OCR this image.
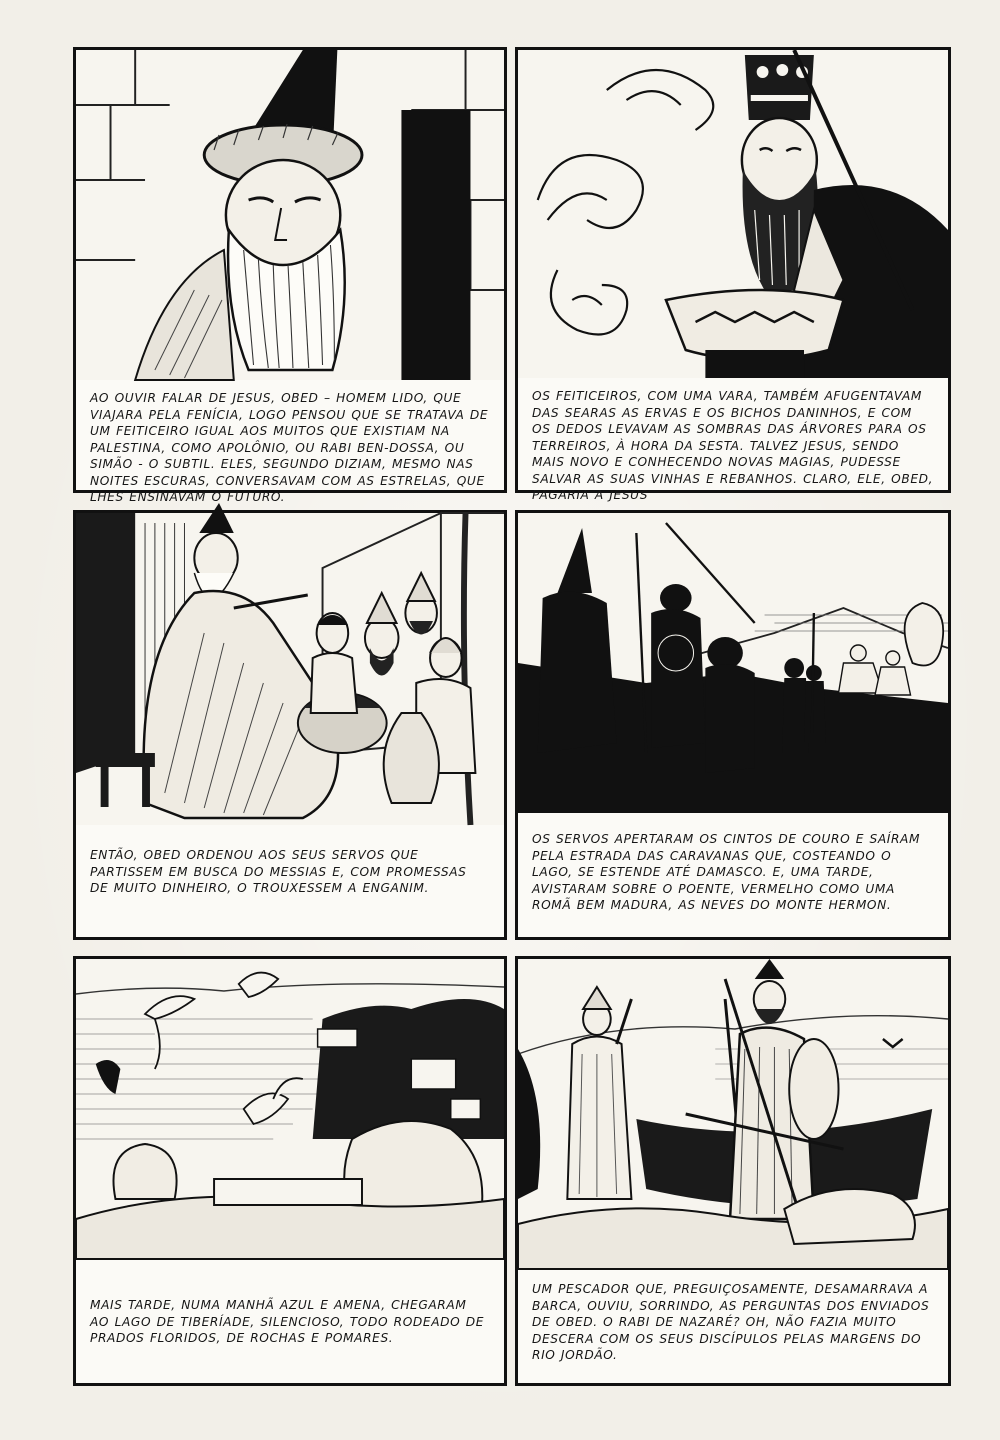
AO OUVIR FALAR DE JESUS, OBED – HOMEM LIDO, QUE VIAJARA PELA FENÍCIA, LOGO PENSOU QUE SE TRATAVA DE UM FEITICEIRO IGUAL AOS MUITOS QUE EXISTIAM NA PALESTINA, COMO APOLÔNIO, OU RABI BEN-DOSSA, OU SIMÃO - O SUBTIL. ELES, SEGUNDO DIZIAM, MESMO NAS NOITES ESCURAS, CONVERSAVAM COM AS ESTRELAS, QUE LHES ENSINAVAM O FUTURO.
OS FEITICEIROS, COM UMA VARA, TAMBÉM AFUGENTAVAM DAS SEARAS AS ERVAS E OS BICHOS DANINHOS, E COM OS DEDOS LEVAVAM AS SOMBRAS DAS ÁRVORES PARA OS TERREIROS, À HORA DA SESTA. TALVEZ JESUS, SENDO MAIS NOVO E CONHECENDO NOVAS MAGIAS, PUDESSE SALVAR AS SUAS VINHAS E REBANHOS. CLARO, ELE, OBED, PAGARIA A JESUS
ENTÃO, OBED ORDENOU AOS SEUS SERVOS QUE PARTISSEM EM BUSCA DO MESSIAS E, COM PROMESSAS DE MUITO DINHEIRO, O TROUXESSEM A ENGANIM.
OS SERVOS APERTARAM OS CINTOS DE COURO E SAÍRAM PELA ESTRADA DAS CARAVANAS QUE, COSTEANDO O LAGO, SE ESTENDE ATÉ DAMASCO. E, UMA TARDE, AVISTARAM SOBRE O POENTE, VERMELHO COMO UMA ROMÃ BEM MADURA, AS NEVES DO MONTE HERMON.
MAIS TARDE, NUMA MANHÃ AZUL E AMENA, CHEGARAM AO LAGO DE TIBERÍADE, SILENCIOSO, TODO RODEADO DE PRADOS FLORIDOS, DE ROCHAS E POMARES.
UM PESCADOR QUE, PREGUIÇOSAMENTE, DESAMARRAVA A BARCA, OUVIU, SORRINDO, AS PERGUNTAS DOS ENVIADOS DE OBED. O RABI DE NAZARÉ? OH, NÃO FAZIA MUITO DESCERA COM OS SEUS DISCÍPULOS PELAS MARGENS DO RIO JORDÃO.
